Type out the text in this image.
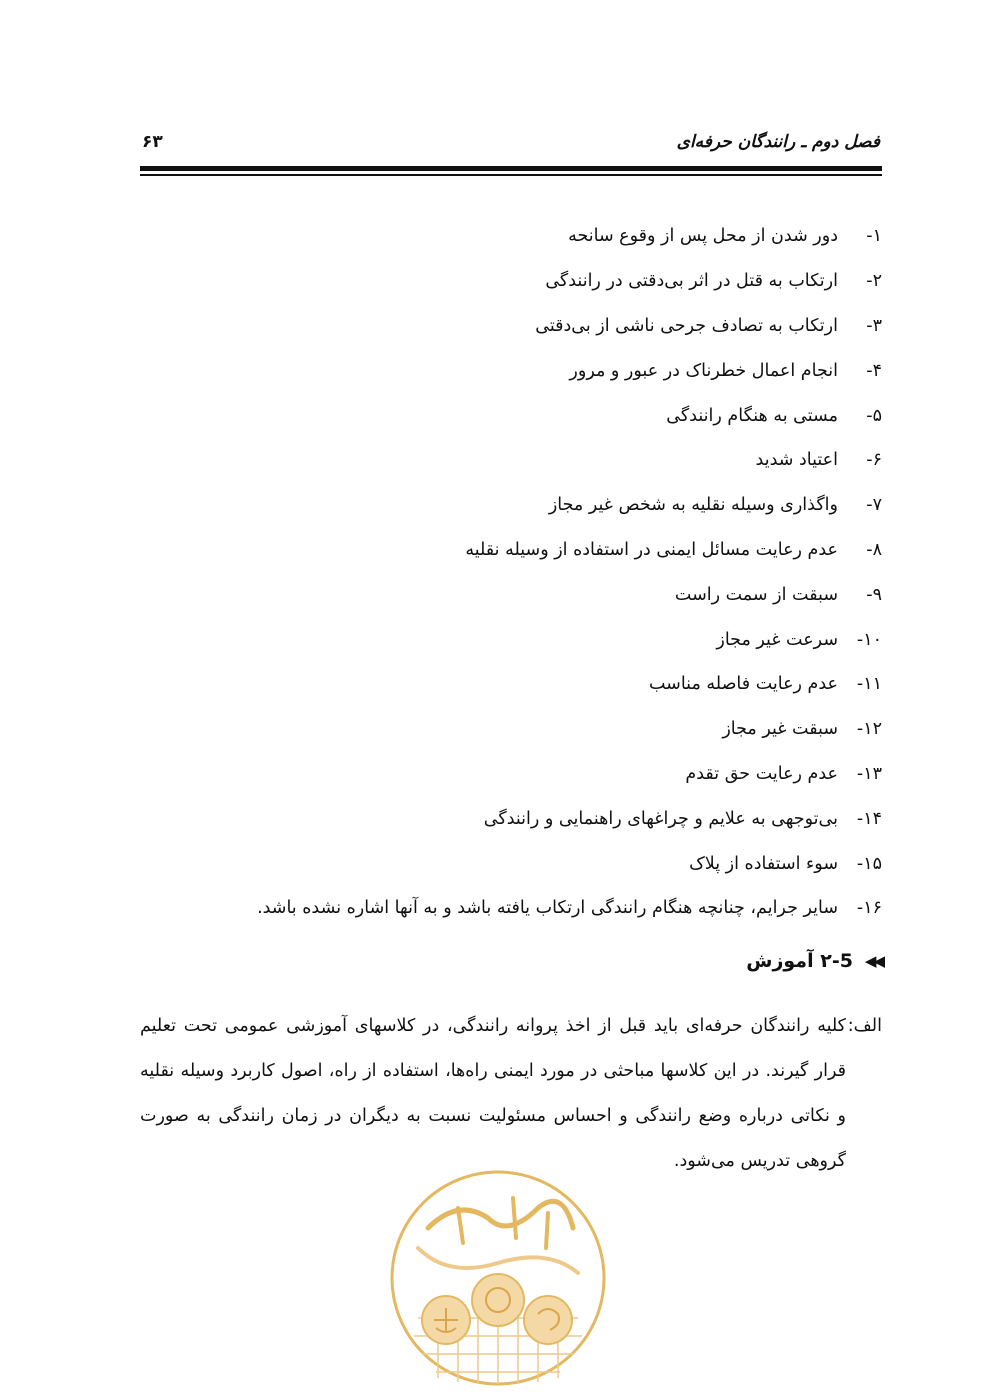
فصل دوم ـ رانندگان حرفه‌ای
۶۳
۱-
دور شدن از محل پس از وقوع سانحه
۲-
ارتکاب به قتل در اثر بی‌دقتی در رانندگی
۳-
ارتکاب به تصادف جرحی ناشی از بی‌دقتی
۴-
انجام اعمال خطرناک در عبور و مرور
۵-
مستی به هنگام رانندگی
۶-
اعتیاد شدید
۷-
واگذاری وسیله نقلیه به شخص غیر مجاز
۸-
عدم رعایت مسائل ایمنی در استفاده از وسیله نقلیه
۹-
سبقت از سمت راست
۱۰-
سرعت غیر مجاز
۱۱-
عدم رعایت فاصله مناسب
۱۲-
سبقت غیر مجاز
۱۳-
عدم رعایت حق تقدم
۱۴-
بی‌توجهی به علایم و چراغهای راهنمایی و رانندگی
۱۵-
سوء استفاده از پلاک
۱۶-
سایر جرایم، چنانچه هنگام رانندگی ارتکاب یافته باشد و به آنها اشاره نشده باشد.
◀◀
۲-5

آموزش
الف:
کلیه رانندگان حرفه‌ای باید قبل از اخذ پروانه رانندگی، در کلاسهای آموزشی عمومی تحت تعلیم قرار گیرند. در این کلاسها مباحثی در مورد ایمنی راه‌ها، استفاده از راه، اصول کاربرد وسیله نقلیه و نکاتی درباره وضع رانندگی و احساس مسئولیت نسبت به دیگران در زمان رانندگی به صورت گروهی تدریس می‌شود.
